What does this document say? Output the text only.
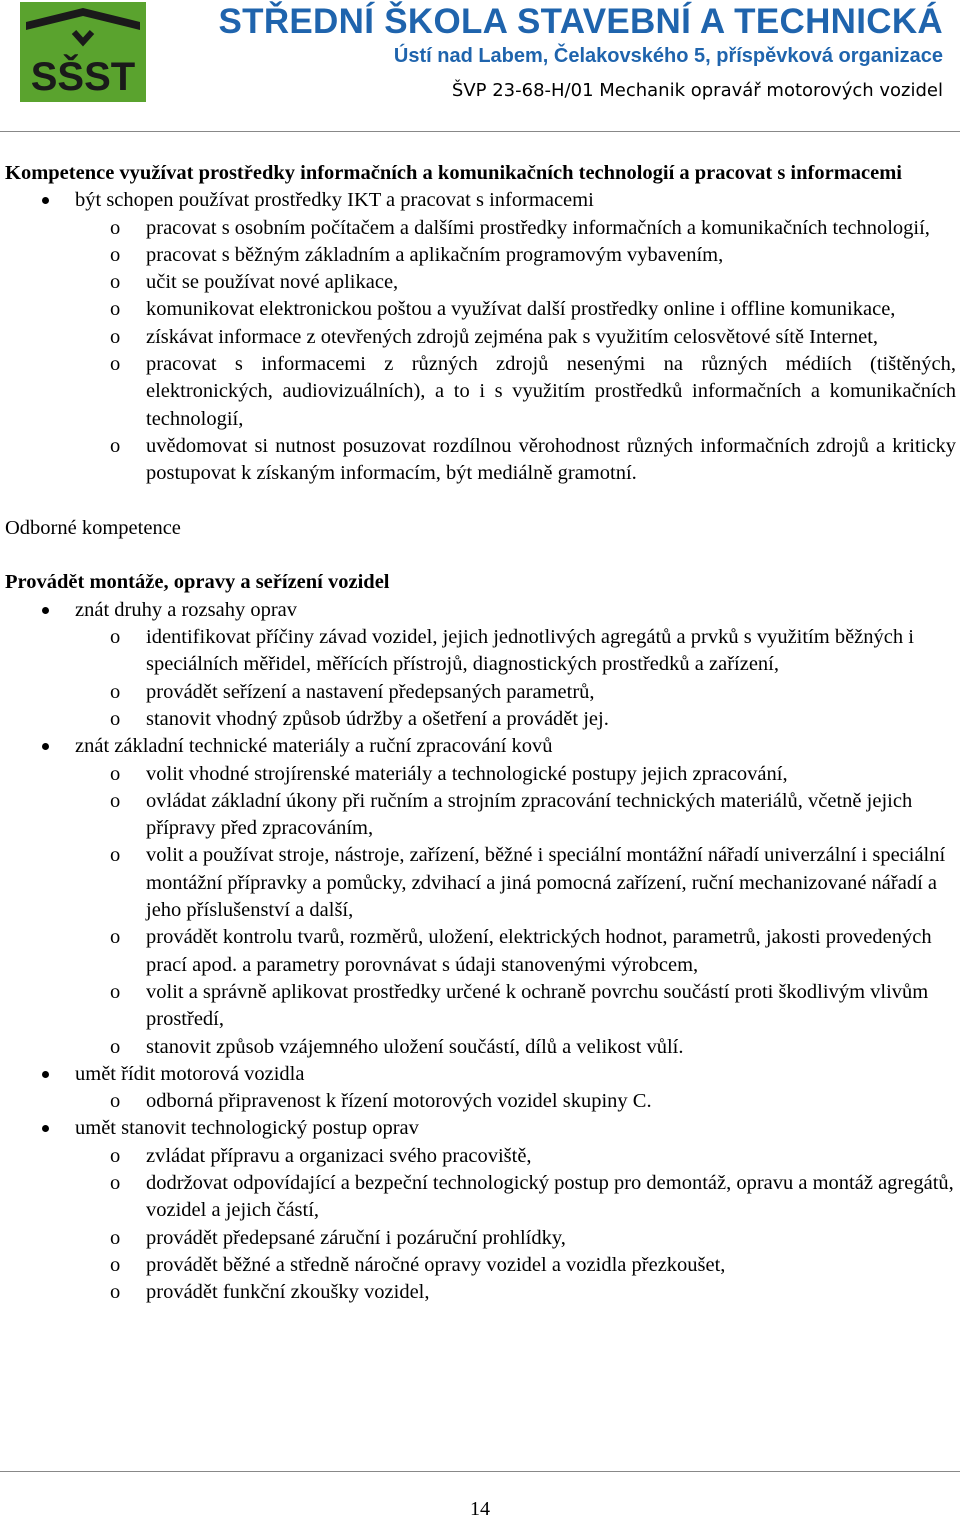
SŠST
STŘEDNÍ ŠKOLA STAVEBNÍ A TECHNICKÁ
Ústí nad Labem, Čelakovského 5, příspěvková organizace
ŠVP 23-68-H/01 Mechanik opravář motorových vozidel

Kompetence využívat prostředky informačních a komunikačních technologií a pracovat s informacemi

být schopen používat prostředky IKT a pracovat s informacemi
o pracovat s osobním počítačem a dalšími prostředky informačních a komunikačních technologií,
o pracovat s běžným základním a aplikačním programovým vybavením,
o učit se používat nové aplikace,
o komunikovat elektronickou poštou a využívat další prostředky online i offline komunikace,
o získávat informace z otevřených zdrojů zejména pak s využitím celosvětové sítě Internet,
o pracovat s informacemi z různých zdrojů nesenými na různých médiích (tištěných, elektronických, audiovizuálních), a to i s využitím prostředků informačních a komunikačních technologií,
o uvědomovat si nutnost posuzovat rozdílnou věrohodnost různých informačních zdrojů a kriticky postupovat k získaným informacím, být mediálně gramotní.

Odborné kompetence

Provádět montáže, opravy a seřízení vozidel

znát druhy a rozsahy oprav
o identifikovat příčiny závad vozidel, jejich jednotlivých agregátů a prvků s využitím běžných i speciálních měřidel, měřících přístrojů, diagnostických prostředků a zařízení,
o provádět seřízení a nastavení předepsaných parametrů,
o stanovit vhodný způsob údržby a ošetření a provádět jej.
znát základní technické materiály a ruční zpracování kovů
o volit vhodné strojírenské materiály a technologické postupy jejich zpracování,
o ovládat základní úkony při ručním a strojním zpracování technických materiálů, včetně jejich přípravy před zpracováním,
o volit a používat stroje, nástroje, zařízení, běžné i speciální montážní nářadí univerzální i speciální montážní přípravky a pomůcky, zdvihací a jiná pomocná zařízení, ruční mechanizované nářadí a jeho příslušenství a další,
o provádět kontrolu tvarů, rozměrů, uložení, elektrických hodnot, parametrů, jakosti provedených prací apod. a parametry porovnávat s údaji stanovenými výrobcem,
o volit a správně aplikovat prostředky určené k ochraně povrchu součástí proti škodlivým vlivům prostředí,
o stanovit způsob vzájemného uložení součástí, dílů a velikost vůlí.
umět řídit motorová vozidla
o odborná připravenost k řízení motorových vozidel skupiny C.
umět stanovit technologický postup oprav
o zvládat přípravu a organizaci svého pracoviště,
o dodržovat odpovídající a bezpeční technologický postup pro demontáž, opravu a montáž agregátů, vozidel a jejich částí,
o provádět předepsané záruční i pozáruční prohlídky,
o provádět běžné a středně náročné opravy vozidel a vozidla přezkoušet,
o provádět funkční zkoušky vozidel,
14
